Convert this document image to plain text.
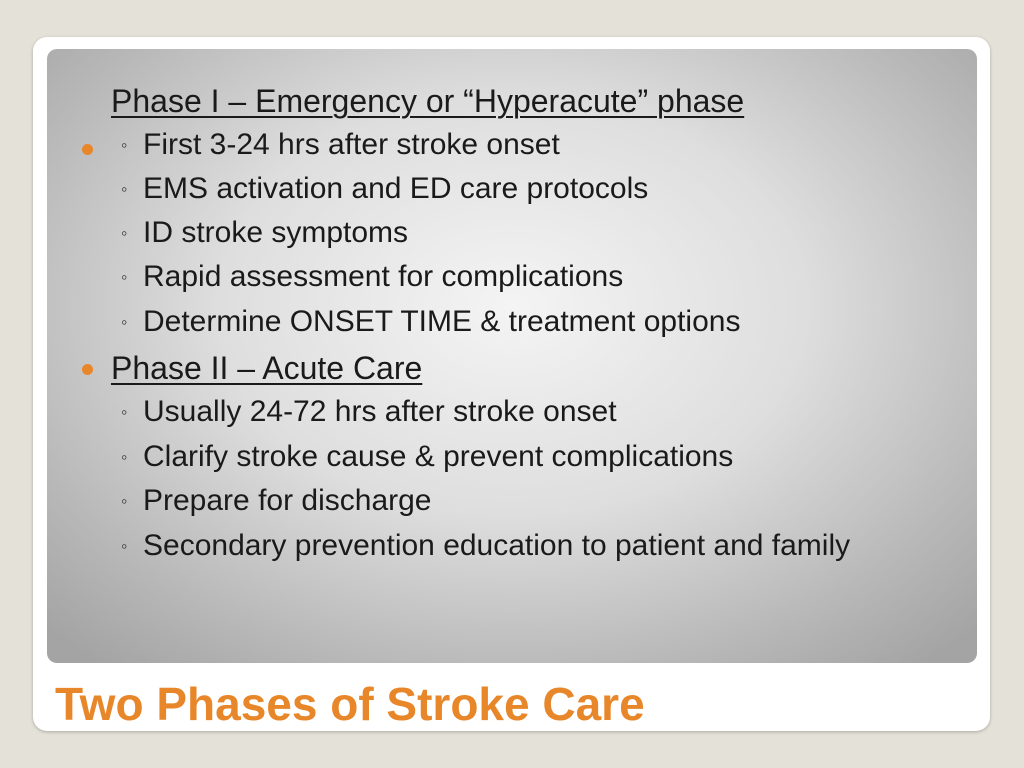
Phase I – Emergency or “Hyperacute” phase
◦ First 3-24 hrs after stroke onset
◦ EMS activation and ED care protocols
◦ ID stroke symptoms
◦ Rapid assessment for complications
◦ Determine ONSET TIME & treatment options
Phase II – Acute Care
◦ Usually 24-72 hrs after stroke onset
◦ Clarify stroke cause & prevent complications
◦ Prepare for discharge
◦ Secondary prevention education to patient and family
Two Phases of Stroke Care
